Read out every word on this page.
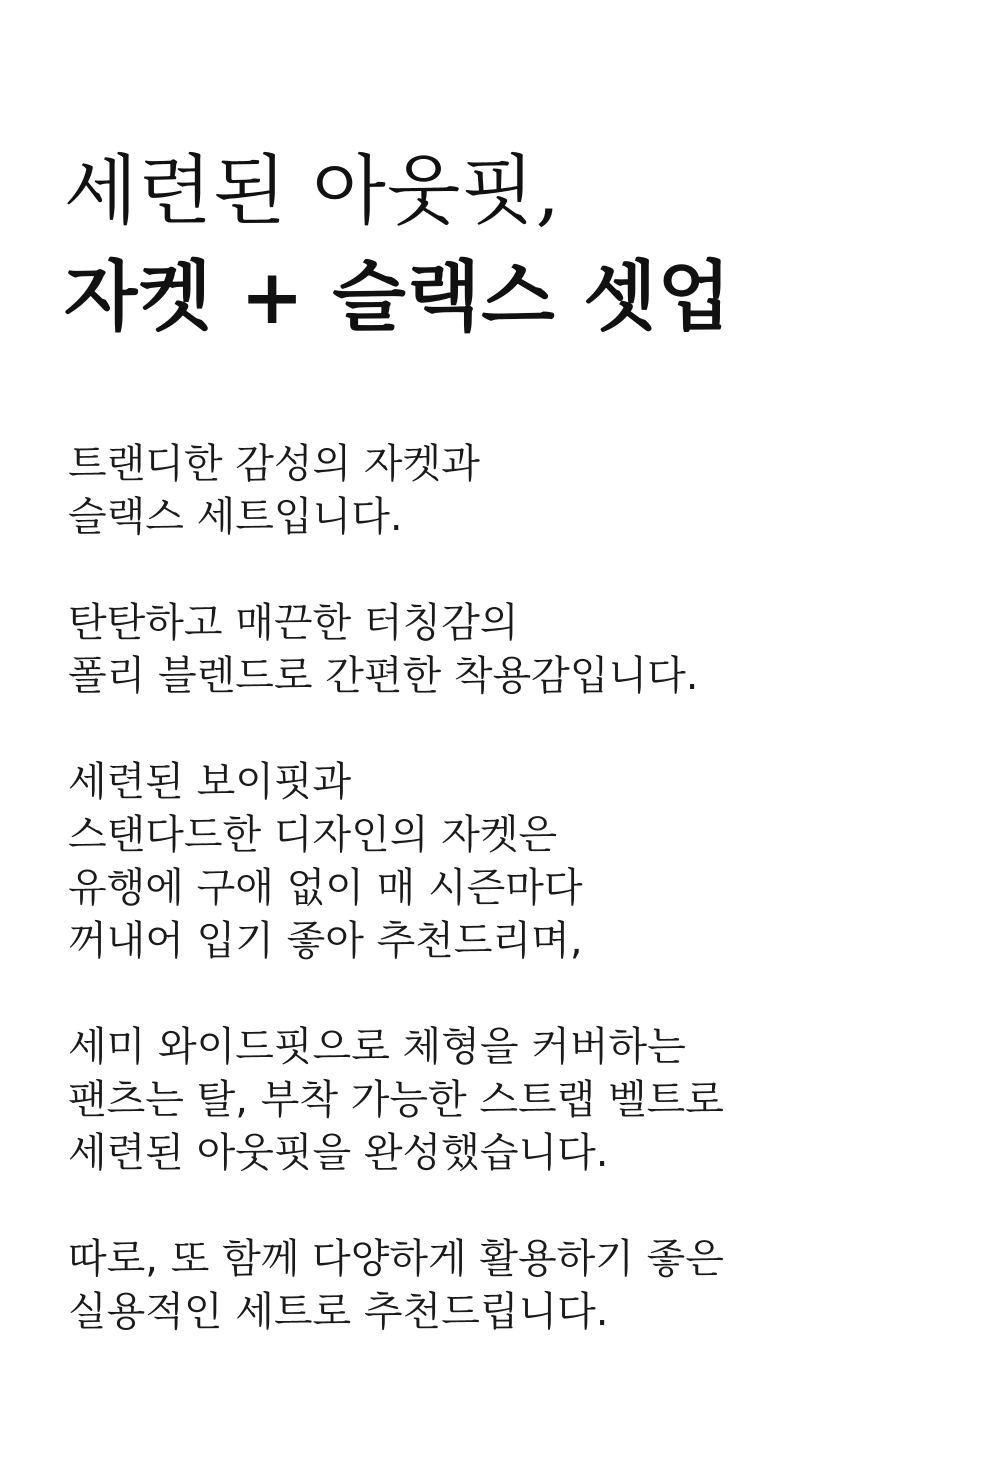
세련된 아웃핏,
자켓 + 슬랙스 셋업
트랜디한 감성의 자켓과
슬랙스 세트입니다.
탄탄하고 매끈한 터칭감의
폴리 블렌드로 간편한 착용감입니다.
세련된 보이핏과
스탠다드한 디자인의 자켓은
유행에 구애 없이 매 시즌마다
꺼내어 입기 좋아 추천드리며,
세미 와이드핏으로 체형을 커버하는
팬츠는 탈, 부착 가능한 스트랩 벨트로
세련된 아웃핏을 완성했습니다.
따로, 또 함께 다양하게 활용하기 좋은
실용적인 세트로 추천드립니다.
